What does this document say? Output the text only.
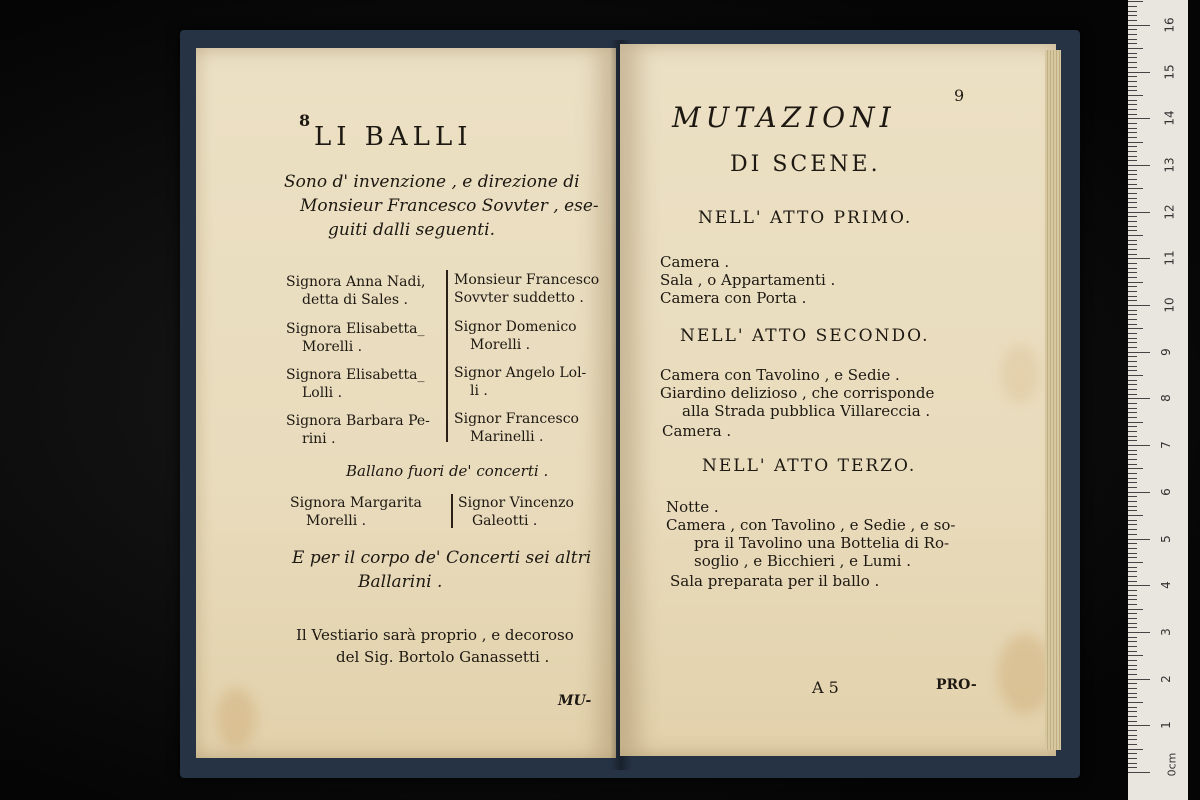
8
LI BALLI
Sono d' invenzione , e direzione di
Monsieur Francesco Sovvter , ese-
guiti dalli seguenti.
Signora Anna Nadi,
detta di Sales .
Monsieur Francesco
Sovvter suddetto .
Signora Elisabetta_
Morelli .
Signor Domenico
Morelli .
Signora Elisabetta_
Lolli .
Signor Angelo Lol-
li .
Signora Barbara Pe-
rini .
Signor Francesco
Marinelli .
Ballano fuori de' concerti .
Signora Margarita
Morelli .
Signor Vincenzo
Galeotti .
E per il corpo de' Concerti sei altri
Ballarini .
Il Vestiario sarà proprio , e decoroso
del Sig. Bortolo Ganassetti .
MU-
MUTAZIONI
9
DI SCENE.
NELL' ATTO PRIMO.
Camera .
Sala , o Appartamenti .
Camera con Porta .
NELL' ATTO SECONDO.
Camera con Tavolino , e Sedie .
Giardino delizioso , che corrisponde
alla Strada pubblica Villareccia .
Camera .
NELL' ATTO TERZO.
Notte .
Camera , con Tavolino , e Sedie , e so-
pra il Tavolino una Bottelia di Ro-
soglio , e Bicchieri , e Lumi .
Sala preparata per il ballo .
A 5	PRO-
1
2
3
4
5
6
7
8
9
10
11
12
13
14
15
16
0cm
